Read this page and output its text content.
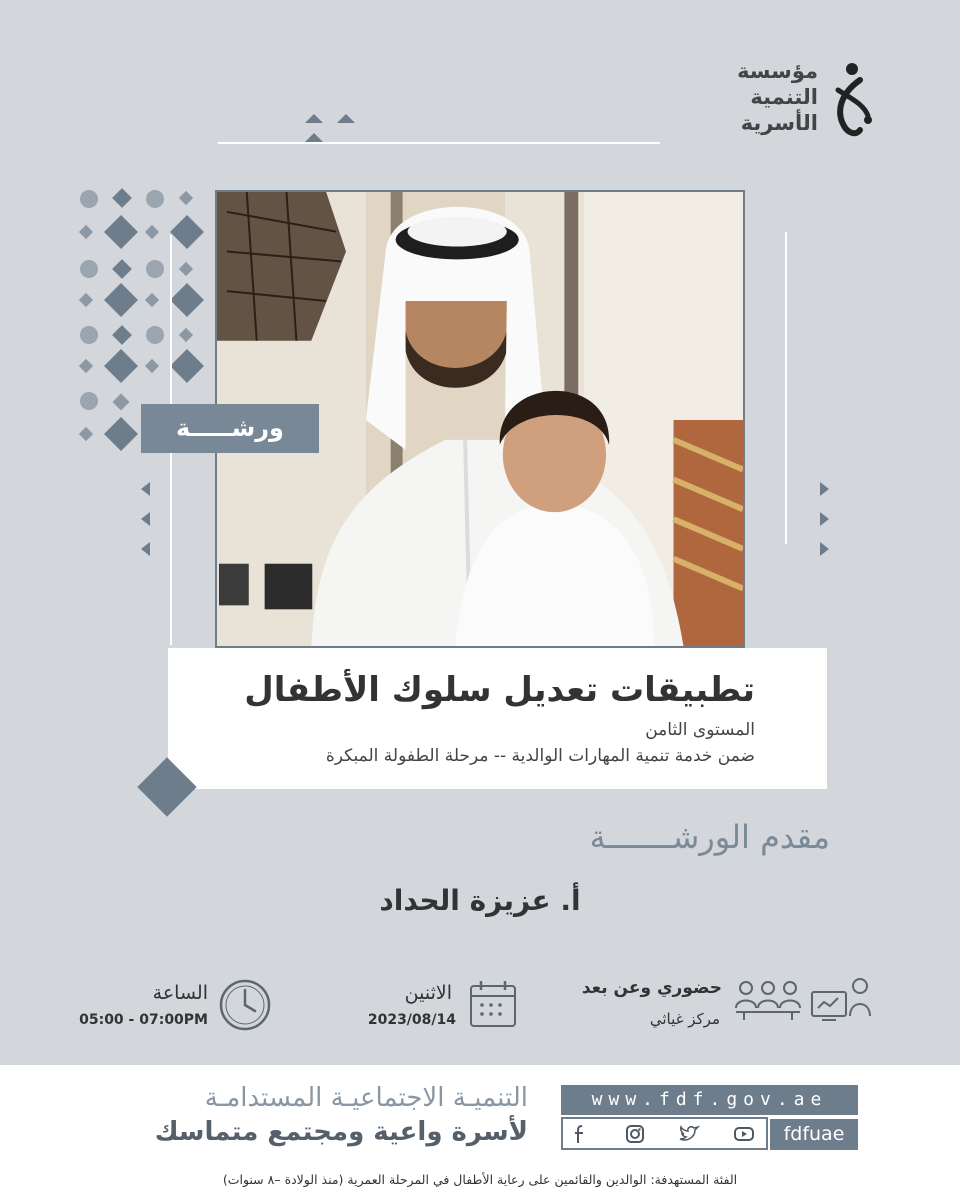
مؤسسة
التنمية
الأسرية
ورشـــــة
تطبيقات تعديل سلوك الأطفال
المستوى الثامن
ضمن خدمة تنمية المهارات الوالدية -- مرحلة الطفولة المبكرة
مقدم الورشـــــــة
أ. عزيزة الحداد
الساعة
05:00 - 07:00PM
الاثنين
2023/08/14
حضوري وعن بعد
مركز غياثي
التنميـة الاجتماعيـة المستدامـة
لأسرة واعية ومجتمع متماسك
www.fdf.gov.ae
fdfuae
الفئة المستهدفة: الوالدين والقائمين على رعاية الأطفال في المرحلة العمرية (منذ الولادة –٨ سنوات)
